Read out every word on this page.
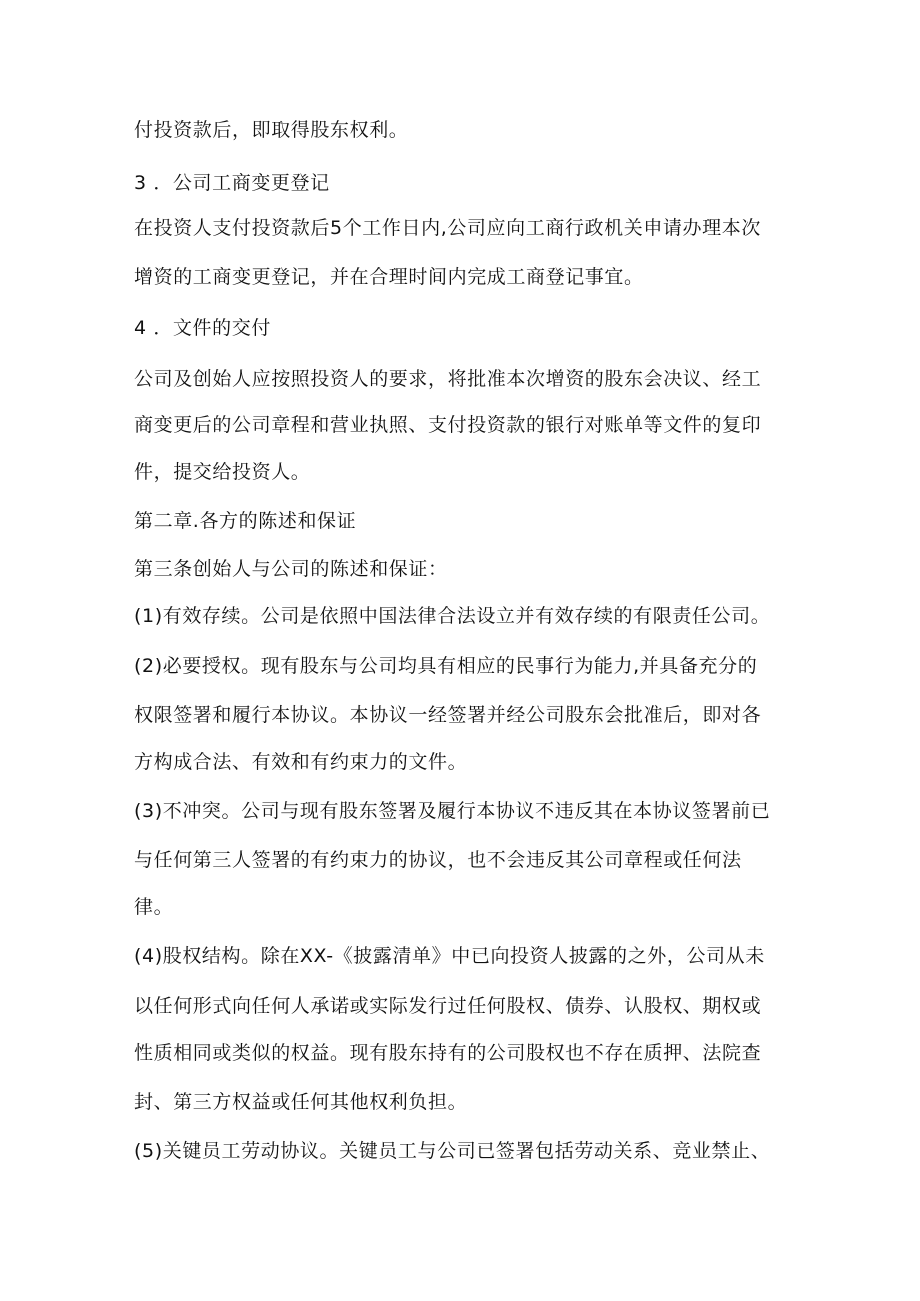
付投资款后，即取得股东权利。

3 ．公司工商变更登记

在投资人支付投资款后5个工作日内,公司应向工商行政机关申请办理本次

增资的工商变更登记，并在合理时间内完成工商登记事宜。

4 ．文件的交付

公司及创始人应按照投资人的要求，将批准本次增资的股东会决议、经工

商变更后的公司章程和营业执照、支付投资款的银行对账单等文件的复印

件，提交给投资人。

第二章.各方的陈述和保证

第三条创始人与公司的陈述和保证：

(1)有效存续。公司是依照中国法律合法设立并有效存续的有限责任公司。

(2)必要授权。现有股东与公司均具有相应的民事行为能力,并具备充分的

权限签署和履行本协议。本协议一经签署并经公司股东会批准后，即对各

方构成合法、有效和有约束力的文件。

(3)不冲突。公司与现有股东签署及履行本协议不违反其在本协议签署前已

与任何第三人签署的有约束力的协议，也不会违反其公司章程或任何法

律。

(4)股权结构。除在XX-《披露清单》中已向投资人披露的之外，公司从未

以任何形式向任何人承诺或实际发行过任何股权、债券、认股权、期权或

性质相同或类似的权益。现有股东持有的公司股权也不存在质押、法院查

封、第三方权益或任何其他权利负担。

(5)关键员工劳动协议。关键员工与公司已签署包括劳动关系、竞业禁止、
